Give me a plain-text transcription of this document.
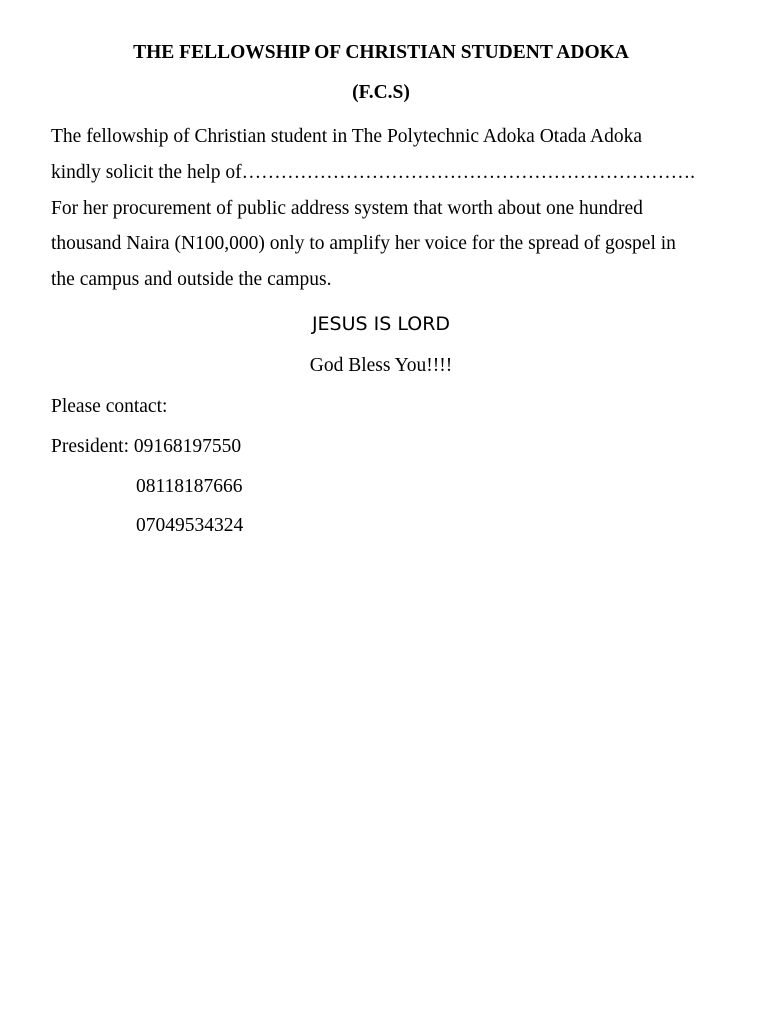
THE FELLOWSHIP OF CHRISTIAN STUDENT ADOKA
(F.C.S)

The fellowship of Christian student in The Polytechnic Adoka Otada Adoka
kindly solicit the help of…………………………………………………………….
For her procurement of public address system that worth about one hundred
thousand Naira (N100,000) only to amplify her voice for the spread of gospel in
the campus and outside the campus.

JESUS IS LORD

God Bless You!!!!

Please contact:

President: 09168197550

08118187666

07049534324
